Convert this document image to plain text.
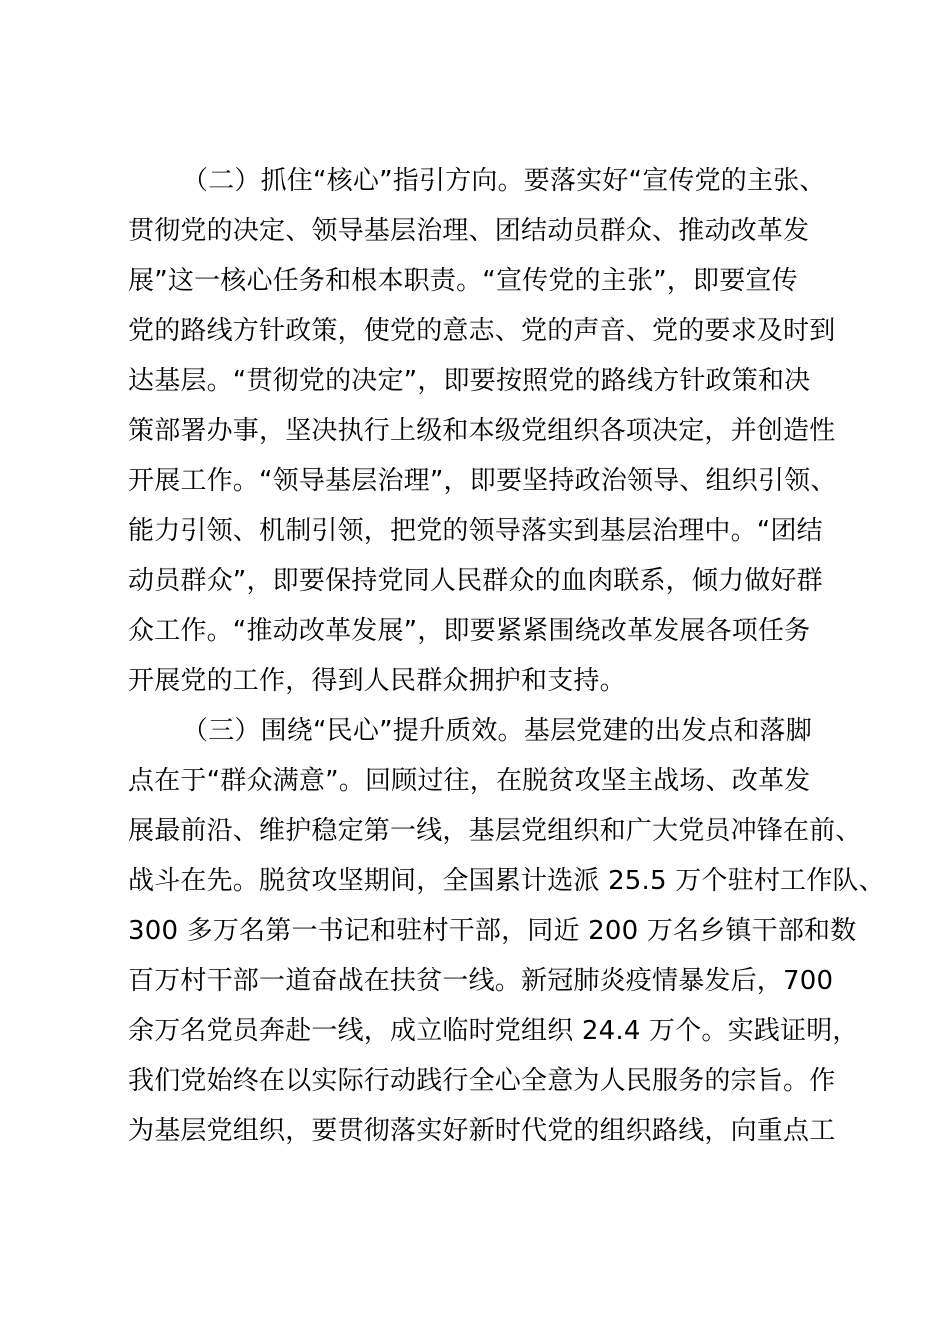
（二）抓住“核心”指引方向。要落实好“宣传党的主张、
贯彻党的决定、领导基层治理、团结动员群众、推动改革发
展”这一核心任务和根本职责。“宣传党的主张”，即要宣传
党的路线方针政策，使党的意志、党的声音、党的要求及时到
达基层。“贯彻党的决定”，即要按照党的路线方针政策和决
策部署办事，坚决执行上级和本级党组织各项决定，并创造性
开展工作。“领导基层治理”，即要坚持政治领导、组织引领、
能力引领、机制引领，把党的领导落实到基层治理中。“团结
动员群众”，即要保持党同人民群众的血肉联系，倾力做好群
众工作。“推动改革发展”，即要紧紧围绕改革发展各项任务
开展党的工作，得到人民群众拥护和支持。
（三）围绕“民心”提升质效。基层党建的出发点和落脚
点在于“群众满意”。回顾过往，在脱贫攻坚主战场、改革发
展最前沿、维护稳定第一线，基层党组织和广大党员冲锋在前、
战斗在先。脱贫攻坚期间，全国累计选派 25.5 万个驻村工作队、
300 多万名第一书记和驻村干部，同近 200 万名乡镇干部和数
百万村干部一道奋战在扶贫一线。新冠肺炎疫情暴发后，700
余万名党员奔赴一线，成立临时党组织 24.4 万个。实践证明，
我们党始终在以实际行动践行全心全意为人民服务的宗旨。作
为基层党组织，要贯彻落实好新时代党的组织路线，向重点工
